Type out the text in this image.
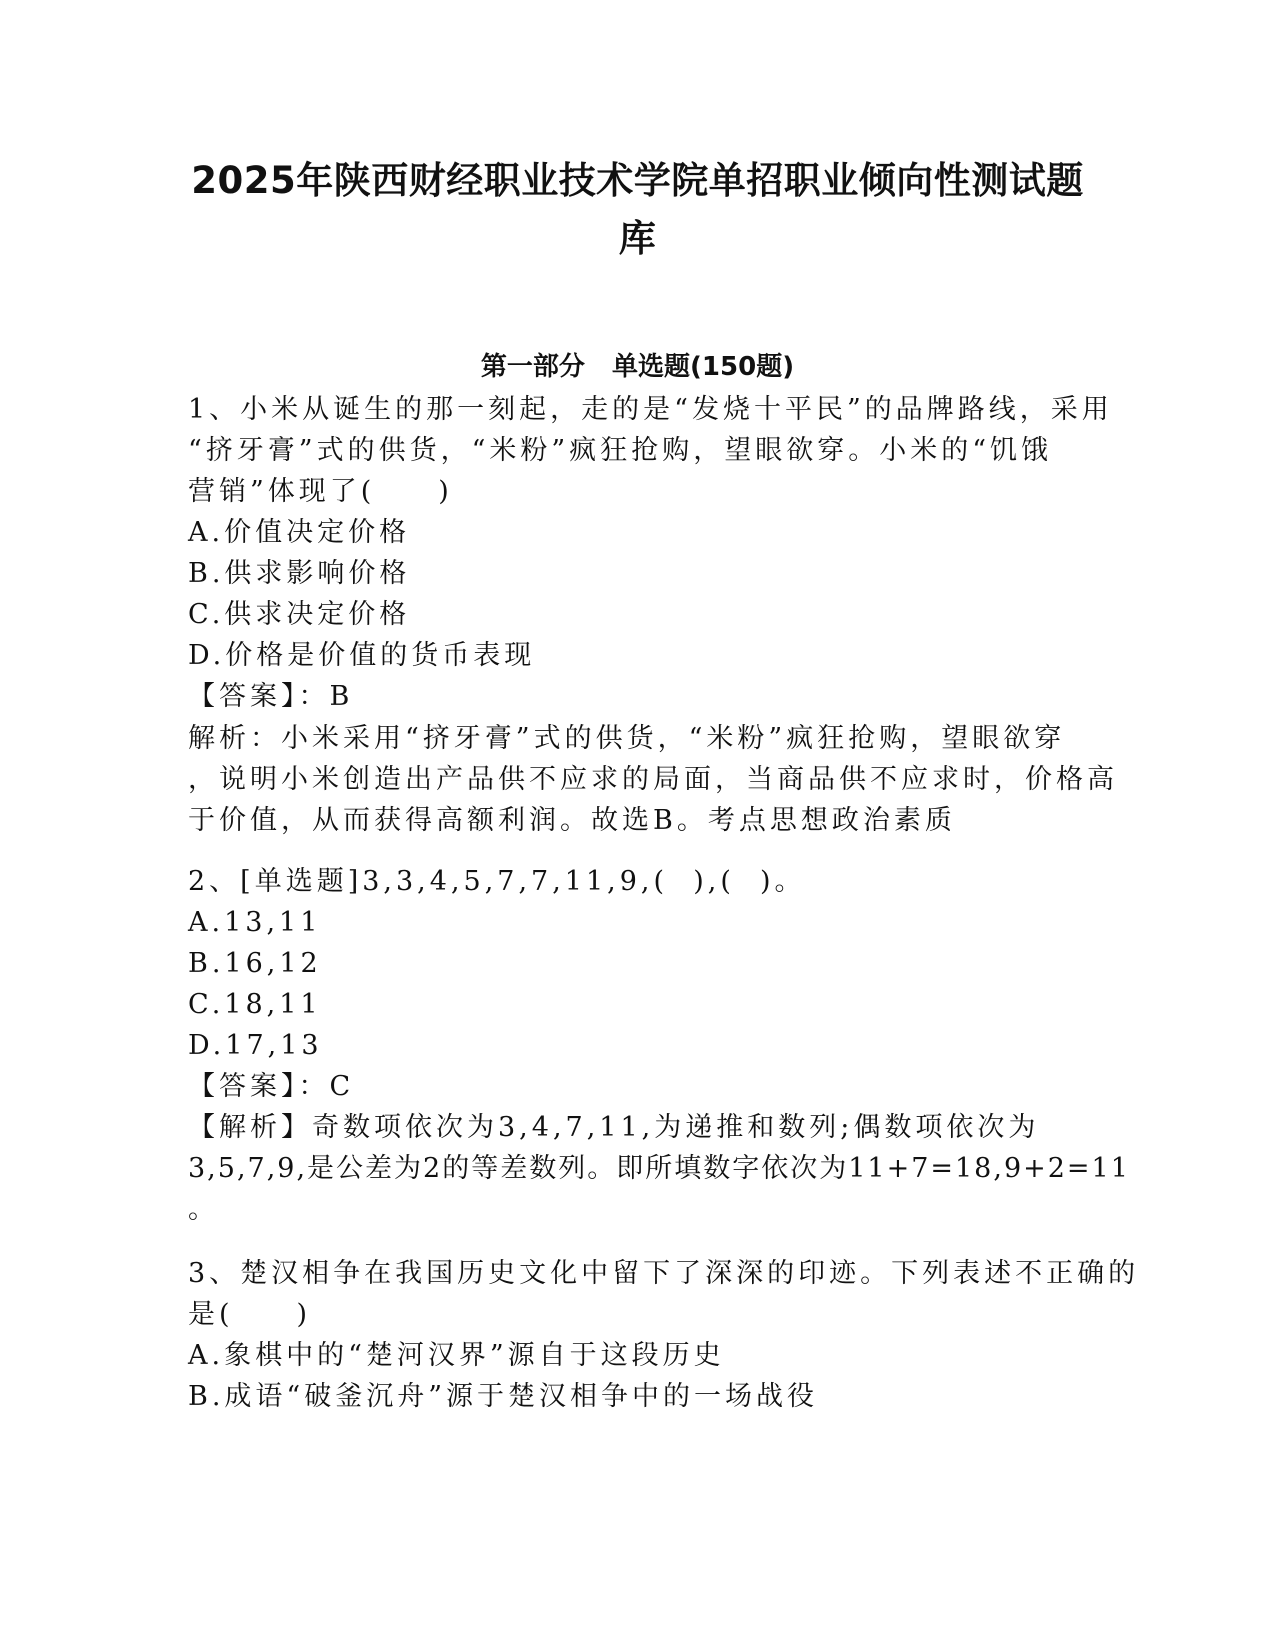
2025年陕西财经职业技术学院单招职业倾向性测试题
库
第一部分   单选题(150题)

1、小米从诞生的那一刻起，走的是“发烧十平民”的品牌路线，采用

“挤牙膏”式的供货，“米粉”疯狂抢购，望眼欲穿。小米的“饥饿

营销”体现了(     )

A.价值决定价格

B.供求影响价格

C.供求决定价格

D.价格是价值的货币表现

【答案】：B

解析：小米采用“挤牙膏”式的供货，“米粉”疯狂抢购，望眼欲穿

，说明小米创造出产品供不应求的局面，当商品供不应求时，价格高

于价值，从而获得高额利润。故选B。考点思想政治素质

2、[单选题]3,3,4,5,7,7,11,9,(  ),(  )。

A.13,11

B.16,12

C.18,11

D.17,13

【答案】：C

【解析】奇数项依次为3,4,7,11,为递推和数列;偶数项依次为

3,5,7,9,是公差为2的等差数列。即所填数字依次为11+7=18,9+2=11

。

3、楚汉相争在我国历史文化中留下了深深的印迹。下列表述不正确的

是(     )

A.象棋中的“楚河汉界”源自于这段历史

B.成语“破釜沉舟”源于楚汉相争中的一场战役
